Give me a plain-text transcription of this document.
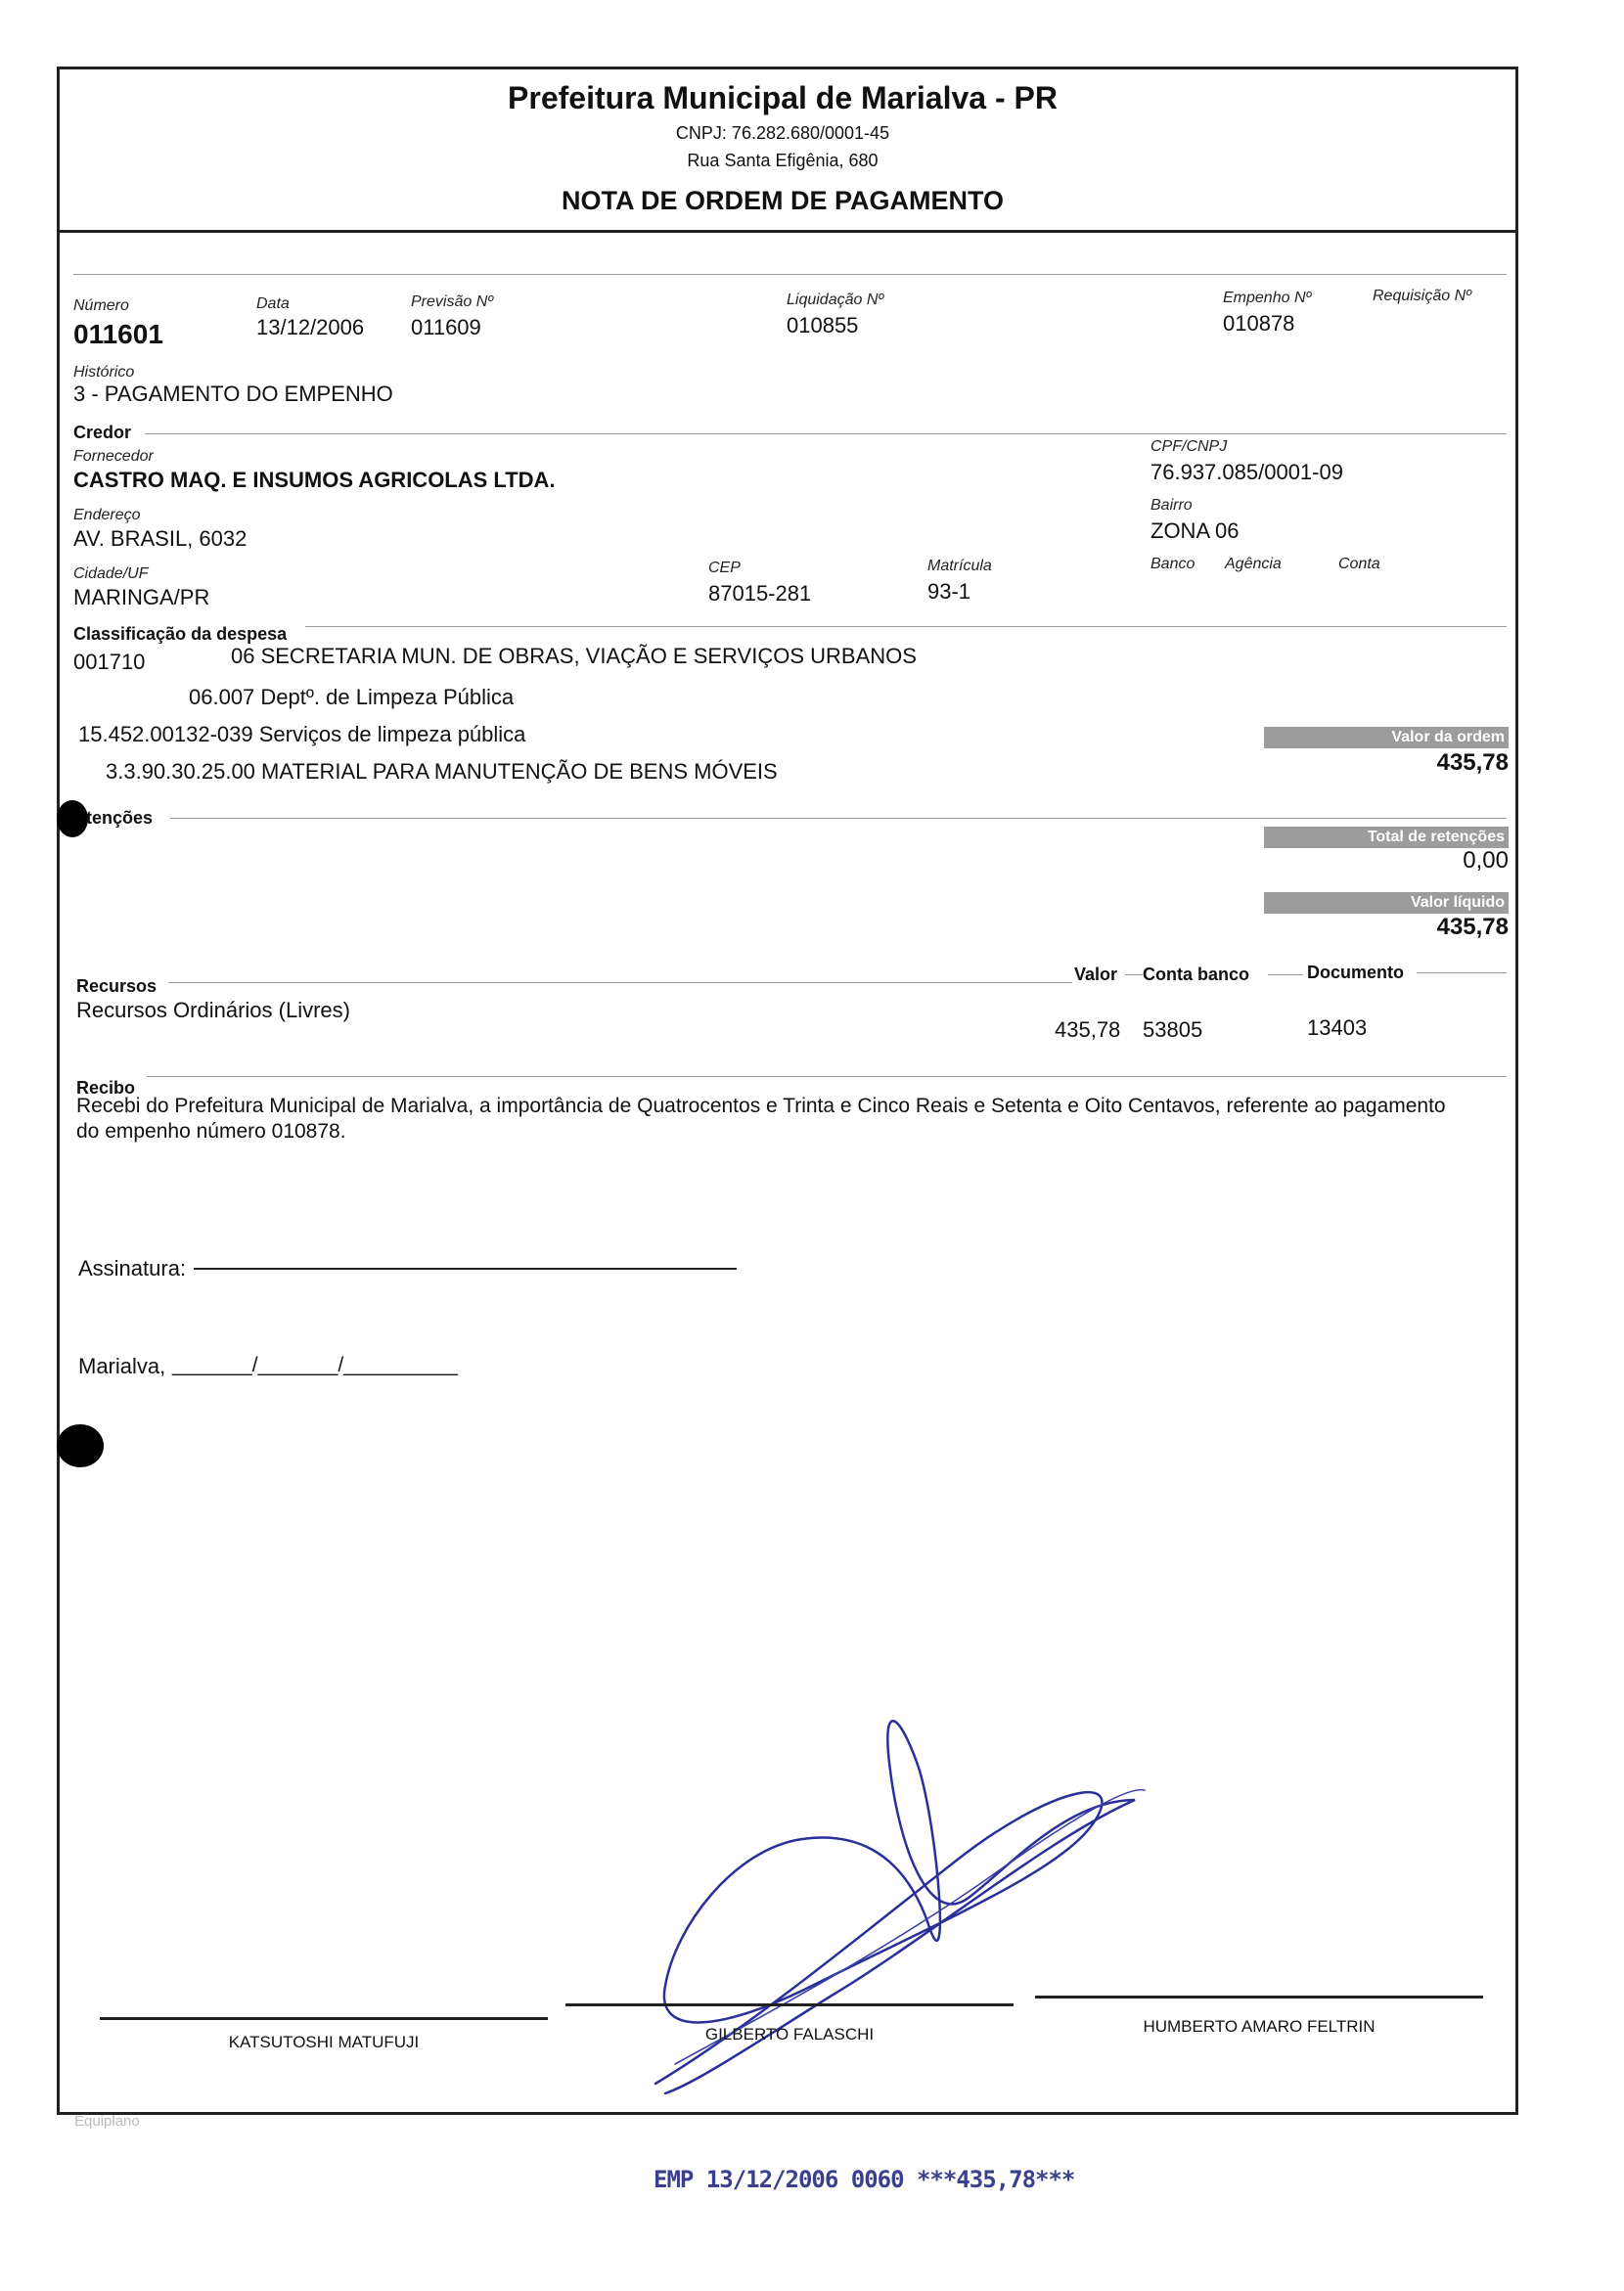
Prefeitura Municipal de Marialva - PR
CNPJ: 76.282.680/0001-45
Rua Santa Efigênia, 680
NOTA DE ORDEM DE PAGAMENTO
Número
011601
Data
13/12/2006
Previsão Nº
011609
Liquidação Nº
010855
Empenho Nº
010878
Requisição Nº
Histórico
3 - PAGAMENTO DO EMPENHO
Credor
Fornecedor
CASTRO MAQ. E INSUMOS AGRICOLAS LTDA.
CPF/CNPJ
76.937.085/0001-09
Endereço
AV. BRASIL, 6032
Bairro
ZONA 06
Cidade/UF
MARINGA/PR
CEP
87015-281
Matrícula
93-1
Banco Agência	Conta
Classificação da despesa
001710	06 SECRETARIA MUN. DE OBRAS, VIAÇÃO E SERVIÇOS URBANOS
06.007 Deptº. de Limpeza Pública
15.452.00132-039 Serviços de limpeza pública
3.3.90.30.25.00 MATERIAL PARA MANUTENÇÃO DE BENS MÓVEIS
Valor da ordem
435,78
tenções
Total de retenções
0,00
Valor líquido
435,78
Recursos
Valor Conta banco	Documento
Recursos Ordinários (Livres)
435,78 53805	13403
Recibo
Recebi do Prefeitura Municipal de Marialva, a importância de Quatrocentos e Trinta e Cinco Reais e Setenta e Oito Centavos, referente ao pagamento do empenho número 010878.
Assinatura:
Marialva, _______/_______/__________
KATSUTOSHI MATUFUJI	GILBERTO FALASCHI	HUMBERTO AMARO FELTRIN
Equiplano
EMP 13/12/2006 0060 ***435,78***
